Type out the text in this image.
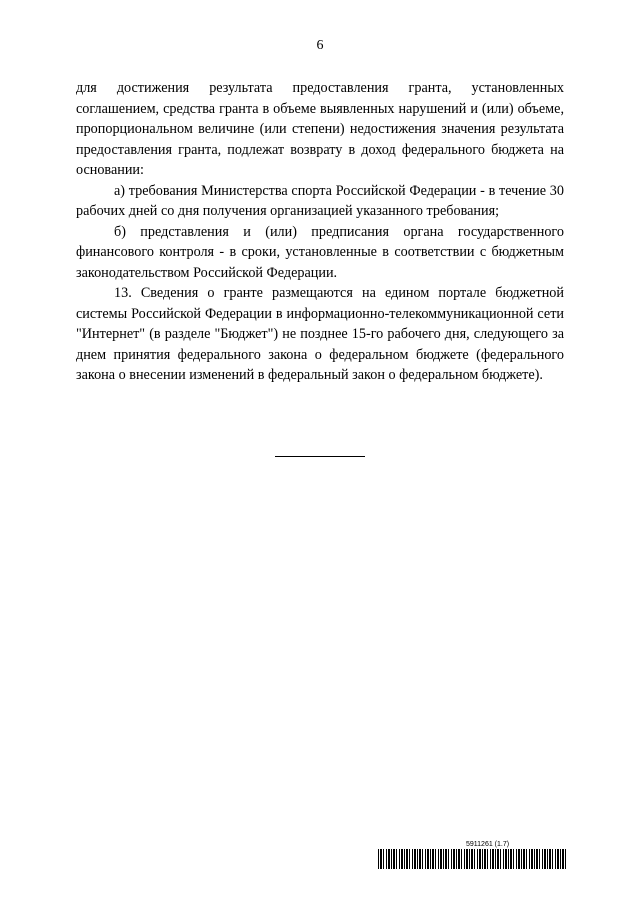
6

для достижения результата предоставления гранта, установленных соглашением, средства гранта в объеме выявленных нарушений и (или) объеме, пропорциональном величине (или степени) недостижения значения результата предоставления гранта, подлежат возврату в доход федерального бюджета на основании:

а) требования Министерства спорта Российской Федерации - в течение 30 рабочих дней со дня получения организацией указанного требования;

б) представления и (или) предписания органа государственного финансового контроля - в сроки, установленные в соответствии с бюджетным законодательством Российской Федерации.

13. Сведения о гранте размещаются на едином портале бюджетной системы Российской Федерации в информационно-телекоммуникационной сети "Интернет" (в разделе "Бюджет") не позднее 15-го рабочего дня, следующего за днем принятия федерального закона о федеральном бюджете (федерального закона о внесении изменений в федеральный закон о федеральном бюджете).

5911261 (1.7)
